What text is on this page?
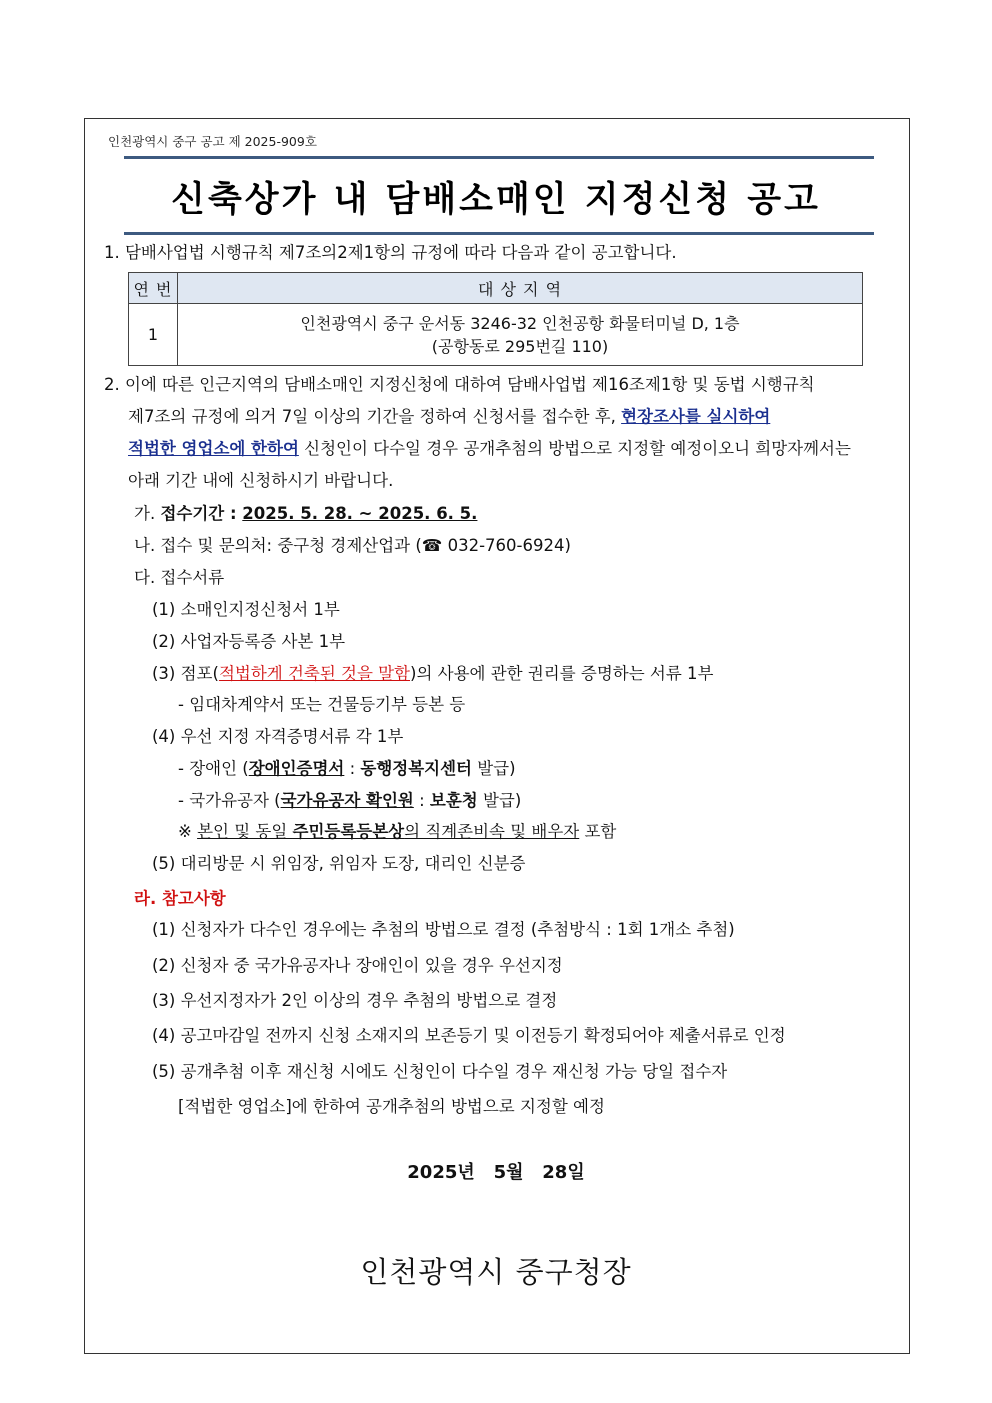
인천광역시 중구 공고 제 2025-909호
신축상가 내 담배소매인 지정신청 공고
1. 담배사업법 시행규칙 제7조의2제1항의 규정에 따라 다음과 같이 공고합니다.
연 번	대 상 지 역
1	인천광역시 중구 운서동 3246-32 인천공항 화물터미널 D, 1층
(공항동로 295번길 110)
2. 이에 따른 인근지역의 담배소매인 지정신청에 대하여 담배사업법 제16조제1항 및 동법 시행규칙
제7조의 규정에 의거 7일 이상의 기간을 정하여 신청서를 접수한 후, 현장조사를 실시하여
적법한 영업소에 한하여 신청인이 다수일 경우 공개추첨의 방법으로 지정할 예정이오니 희망자께서는
아래 기간 내에 신청하시기 바랍니다.
가. 접수기간 : 2025. 5. 28. ~ 2025. 6. 5.
나. 접수 및 문의처: 중구청 경제산업과 (☎ 032-760-6924)
다. 접수서류
(1) 소매인지정신청서 1부
(2) 사업자등록증 사본 1부
(3) 점포(적법하게 건축된 것을 말함)의 사용에 관한 권리를 증명하는 서류 1부
- 임대차계약서 또는 건물등기부 등본 등
(4) 우선 지정 자격증명서류 각 1부
- 장애인 (장애인증명서 : 동행정복지센터 발급)
- 국가유공자 (국가유공자 확인원 : 보훈청 발급)
※ 본인 및 동일 주민등록등본상의 직계존비속 및 배우자 포함
(5) 대리방문 시 위임장, 위임자 도장, 대리인 신분증
라. 참고사항
(1) 신청자가 다수인 경우에는 추첨의 방법으로 결정 (추첨방식 : 1회 1개소 추첨)
(2) 신청자 중 국가유공자나 장애인이 있을 경우 우선지정
(3) 우선지정자가 2인 이상의 경우 추첨의 방법으로 결정
(4) 공고마감일 전까지 신청 소재지의 보존등기 및 이전등기 확정되어야 제출서류로 인정
(5) 공개추첨 이후 재신청 시에도 신청인이 다수일 경우 재신청 가능 당일 접수자
[적법한 영업소]에 한하여 공개추첨의 방법으로 지정할 예정
2025년   5월   28일
인천광역시 중구청장
